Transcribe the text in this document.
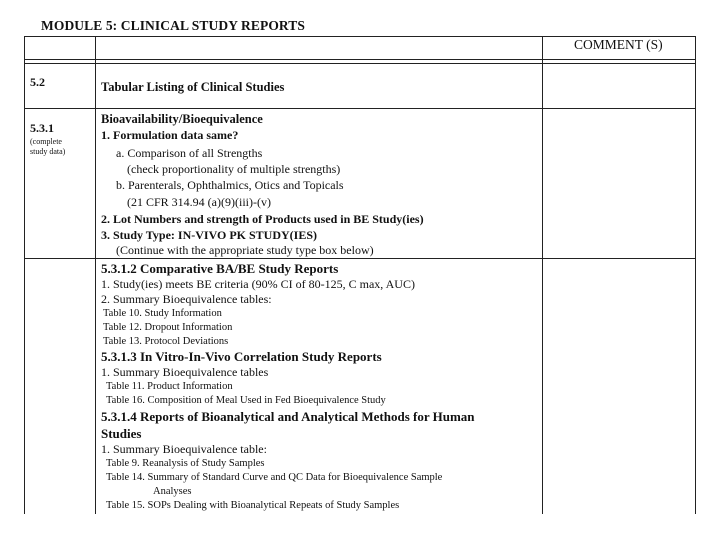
MODULE 5: CLINICAL STUDY REPORTS
COMMENT (S)
5.2	Tabular Listing of Clinical Studies
5.3.1
(complete
study data)
Bioavailability/Bioequivalence
1. Formulation data same?
a. Comparison of all Strengths
(check proportionality of multiple strengths)
b. Parenterals, Ophthalmics, Otics and Topicals
(21 CFR 314.94 (a)(9)(iii)-(v)
2. Lot Numbers and strength of Products used in BE Study(ies)
3. Study Type: IN-VIVO PK STUDY(IES)
(Continue with the appropriate study type box below)
5.3.1.2 Comparative BA/BE Study Reports
1. Study(ies) meets BE criteria (90% CI of 80-125, C max, AUC)
2. Summary Bioequivalence tables:
Table 10. Study Information
Table 12. Dropout Information
Table 13. Protocol Deviations
5.3.1.3 In Vitro-In-Vivo Correlation Study Reports
1. Summary Bioequivalence tables
Table 11. Product Information
Table 16. Composition of Meal Used in Fed Bioequivalence Study
5.3.1.4 Reports of Bioanalytical and Analytical Methods for Human
Studies
1. Summary Bioequivalence table:
Table 9. Reanalysis of Study Samples
Table 14. Summary of Standard Curve and QC Data for Bioequivalence Sample
Analyses
Table 15. SOPs Dealing with Bioanalytical Repeats of Study Samples
